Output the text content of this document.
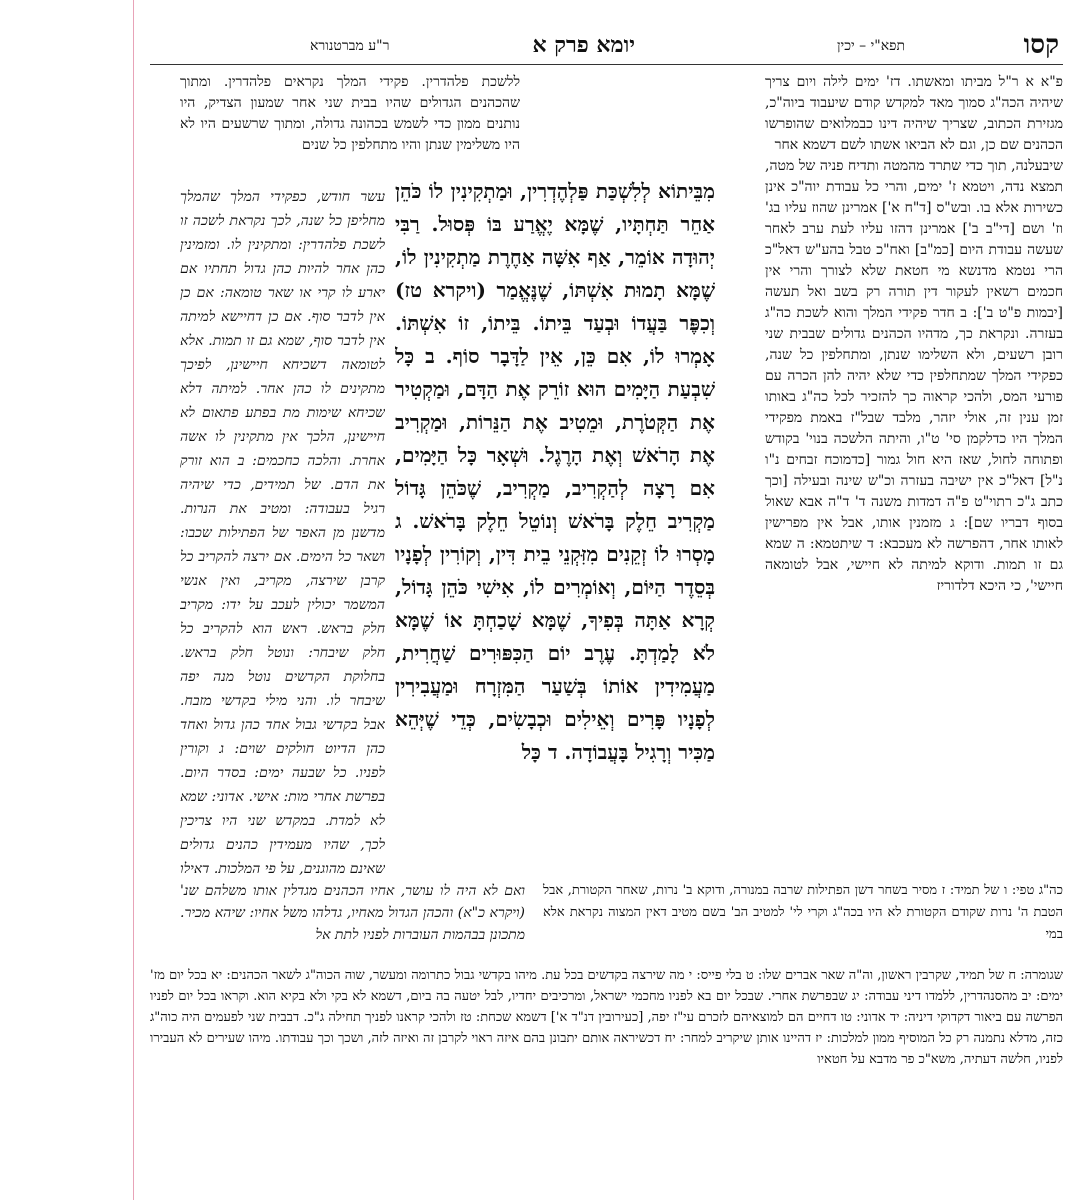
קסו
תפא"י – יכין
יומא פרק א
ר"ע מברטנורא
פ"א א ר"ל מביתו ומאשתו. דז' ימים לילה ויום צריך שיהיה הכה"ג סמוך מאד למקדש קודם שיעבוד ביוה"כ, מגזירת הכתוב, שצריך שיהיה דינו כבמלואים שהופרשו הכהנים שם כן, וגם לא הביאו אשתו לשם דשמא אחר
שיבעלנה, תוך כדי שתרד מהמטה ותדיח פניה של מטה, תמצא נדה, ויטמא ז' ימים, והרי כל עבודת יוה"כ אינן כשירות אלא בו. ובש"ס [ד"ח א'] אמרינן שהוז עליו בג' וז' ושם [די"ב ב'] אמרינן דהזו עליו לעת ערב לאחר שעשה עבודת היום [כמ"ב] ואח"כ טבל בהע"ש דאל"כ הרי נטמא מדנשא מי חטאת שלא לצורך והרי אין חכמים רשאין לעקור דין תורה רק בשב ואל תעשה [יבמות פ"ט ב']: ב חדר פקידי המלך והוא לשכת כה"ג בעזרה. ונקראת כך, מדהיו הכהנים גדולים שבבית שני רובן רשעים, ולא השלימו שנתן, ומתחלפין כל שנה, כפקידי המלך שמתחלפין כדי שלא יהיה להן הכרה עם פורעי המס, ולהכי קראוה כך להזכיר לכל כה"ג באותו זמן ענין זה, אולי יזהר, מלבד שבל"ז באמת מפקידי המלך היו כדלקמן סי' ט"ו, והיתה הלשכה בנוי' בקודש ופתוחה לחול, שאז היא חול גמור [כדמוכח זבחים נ"ו נ"ל] דאל"כ אין ישיבה בעזרה וכ"ש שינה ובעילה [וכך כתב ג"כ רתוי"ט פ"ה דמדות משנה ד' ד"ה אבא שאול בסוף דבריו שם]: ג מזמנין אותו, אבל אין מפרישין לאותו אחר, דהפרשה לא מעכבא: ד שיתטמא: ה שמא גם זו תמות. ודוקא למיתה לא חיישי, אבל לטומאה חיישי', כי היכא דלדוריז
ללשכת פלהדרין. פקידי המלך נקראים פלהדרין. ומתוך שהכהנים הגדולים שהיו בבית שני אחר שמעון הצדיק, היו נותנים ממון כדי לשמש בכהונה גדולה, ומתוך שרשעים היו לא היו משלימין שנתן והיו מתחלפין כל שנים
עשר חודש, כפקידי המלך שהמלך מחליפן כל שנה, לכך נקראת לשכה זו לשכת פלהדרין: ומתקינין לו. ומזמינין כהן אחר להיות כהן גדול תחתיו אם יארע לו קרי או שאר טומאה: אם כן אין לדבר סוף. אם כן דחיישא למיתה אין לדבר סוף, שמא גם זו תמות. אלא לטומאה דשכיחא חיישינן, לפיכך מתקינים לו כהן אחר. למיתה דלא שכיחא שימות מת בפתע פתאום לא חיישינן, הלכך אין מתקינין לו אשה אחרת. והלכה כחכמים: ב הוא זורק את הדם. של תמידים, כדי שיהיה רגיל בעבודה: ומטיב את הנרות. מדשנן מן האפר של הפתילות שכבו: ושאר כל הימים. אם ירצה להקריב כל קרבן שירצה, מקריב, ואין אנשי המשמר יכולין לעכב על ידו: מקריב חלק בראש. ראש הוא להקריב כל חלק שיבחר: ונוטל חלק בראש. בחלוקת הקדשים נוטל מנה יפה שיבחר לו. והני מילי בקדשי מזבח. אבל בקדשי גבול אחד כהן גדול ואחד כהן הדיוט חולקים שוים: ג וקורין לפניו. כל שבעה ימים: בסדר היום. בפרשת אחרי מות: אישי. אדוני: שמא לא למדת. במקדש שני היו צריכין לכך, שהיו מעמידין כהנים גדולים שאינם מהוגנים, על פי המלכות. דאילו
מִבֵּיתוֹא לְלִשְׁכַּת פַּלְהֶדְרִין, וּמַתְקִינִין לוֹ כֹּהֵן אַחֵר תַּחְתָּיו, שֶׁמָּא יֶאֱרַע בּוֹ פְּסוּל. רַבִּי יְהוּדָה אוֹמֵר, אַף אִשָּׁה אַחֶרֶת מַתְקִינִין לוֹ, שֶׁמָּא תָמוּת אִשְׁתּוֹ, שֶׁנֶּאֱמַר (ויקרא טז) וְכִפֶּר בַּעֲדוֹ וּבְעַד בֵּיתוֹ. בֵּיתוֹ, זוֹ אִשְׁתּוֹ. אָמְרוּ לוֹ, אִם כֵּן, אֵין לַדָּבָר סוֹף. ב כָּל שִׁבְעַת הַיָּמִים הוּא זוֹרֵק אֶת הַדָּם, וּמַקְטִיר אֶת הַקְּטֹרֶת, וּמֵטִיב אֶת הַנֵּרוֹת, וּמַקְרִיב אֶת הָרֹאשׁ וְאֶת הָרֶגֶל. וּשְׁאָר כָּל הַיָּמִים, אִם רָצָה לְהַקְרִיב, מַקְרִיב, שֶׁכֹּהֵן גָּדוֹל מַקְרִיב חֵלֶק בָּרֹאשׁ וְנוֹטֵל חֵלֶק בָּרֹאשׁ. ג מָסְרוּ לוֹ זְקֵנִים מִזִּקְנֵי בֵית דִּין, וְקוֹרִין לְפָנָיו בְּסֵדֶר הַיּוֹם, וְאוֹמְרִים לוֹ, אִישִׁי כֹּהֵן גָּדוֹל, קְרָא אַתָּה בְּפִיךָ, שֶׁמָּא שָׁכַחְתָּ אוֹ שֶׁמָּא לֹא לָמַדְתָּ. עֶרֶב יוֹם הַכִּפּוּרִים שַׁחֲרִית, מַעֲמִידִין אוֹתוֹ בְּשַׁעַר הַמִּזְרָח וּמַעֲבִירִין לְפָנָיו פָּרִים וְאֵילִים וּכְבָשִׂים, כְּדֵי שֶׁיְּהֵא מַכִּיר וְרָגִיל בָּעֲבוֹדָה. ד כָּל
ואם לא היה לו עושר, אחיו הכהנים מגדלין אותו משלהם שנ' (ויקרא כ"א) והכהן הגדול מאחיו, גדלהו משל אחיו: שיהא מכיר. מתכונן בבהמות העוברות לפניו לתת אל
כה"ג טפי: ו של תמיד: ז מסיר בשחר דשן הפתילות שרבה במנורה, ודוקא ב' נרות, שאחר הקטורת, אבל הטבת ה' נרות שקודם הקטורת לא היו בכה"ג וקרי לי' למטיב הב' בשם מטיב דאין המצוה נקראת אלא במי
שגומרה: ח של תמיד, שקרבין ראשון, וה"ה שאר אברים שלו: ט בלי פייס: י מה שירצה בקדשים בכל עת. מיהו בקדשי גבול כתרומה ומעשר, שוה הכוה"ג לשאר הכהנים: יא בכל יום מז' ימים: יב מהסנהדרין, ללמדו דיני עבודה: יג שבפרשת אחרי. שבכל יום בא לפניו מחכמי ישראל, ומרכיבים יחדיו, לבל יטעה בה ביום, דשמא לא בקי ולא בקיא הוא. וקראו בכל יום לפניו הפרשה עם ביאור דקדוקי דיניה: יד אדוני: טו דחיים הם למוצאיהם לזכרם עי"ז יפה, [כעירובין דנ"ד א'] דשמא שכחת: טז ולהכי קראנו לפניך תחילה ג"כ. דבבית שני לפעמים היה כוה"ג כזה, מדלא נתמנה רק כל המוסיף ממון למלכות: יז דהיינו אותן שיקריב למחר: יח דכשיראה אותם יתבונן בהם איזה ראוי לקרבן זה ואיזה לזה, ושכך וכך עבודתו. מיהו שעירים לא העבירו לפניו, חלשה דעתיה, משא"כ פר מדבא על חטאיו
